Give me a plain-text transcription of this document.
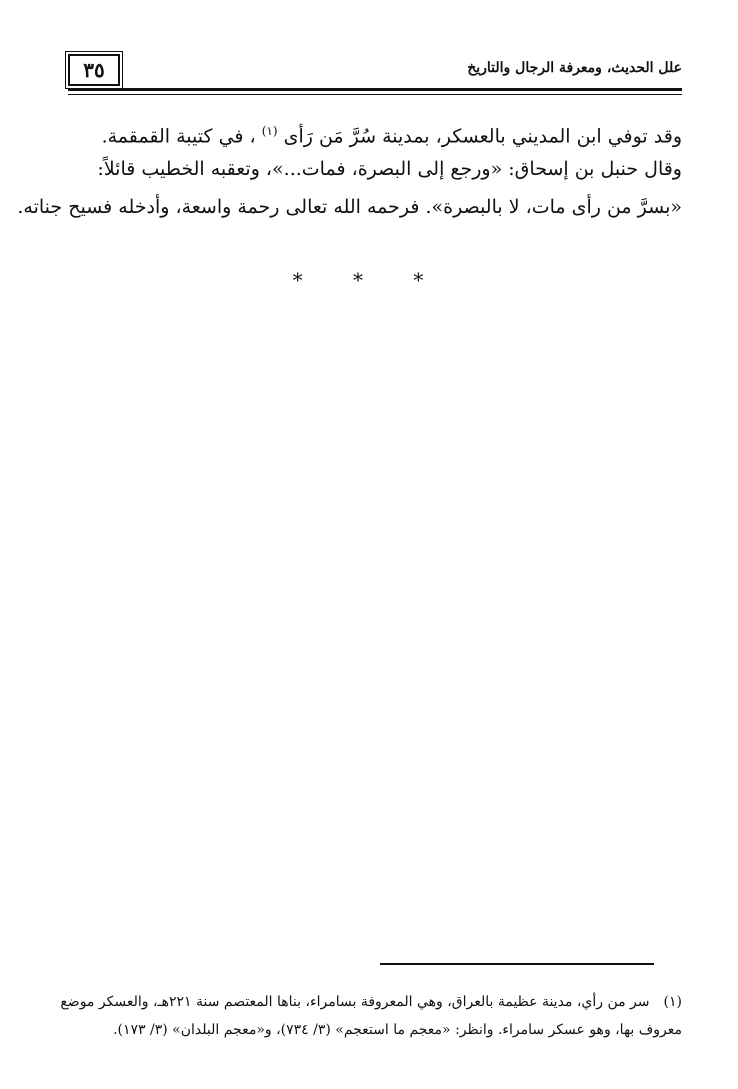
٣٥	علل الحديث، ومعرفة الرجال والتاريخ
وقد توفي ابن المديني بالعسكر، بمدينة سُرَّ مَن رَأى $^{(١)}$ ، في كتيبة القمقمة.
وقال حنبل بن إسحاق: «ورجع إلى البصرة، فمات...»، وتعقبه الخطيب قائلاً:
«بسرَّ من رأى مات، لا بالبصرة». فرحمه الله تعالى رحمة واسعة، وأدخله فسيح جناته.
* * *
(١)سر من رأي، مدينة عظيمة بالعراق، وهي المعروفة بسامراء، بناها المعتصم سنة ٢٢١هـ، والعسكر موضع
معروف بها، وهو عسكر سامراء. وانظر: «معجم ما استعجم» (٣/ ٧٣٤)، و«معجم البلدان» (٣/ ١٧٣).
